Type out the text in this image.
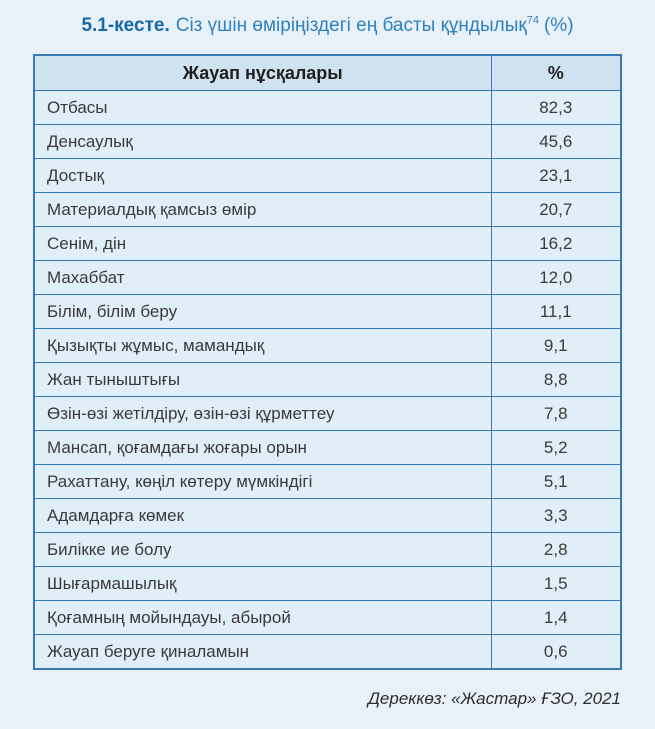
5.1-кесте. Сіз үшін өміріңіздегі ең басты құндылық$^{74}$ (%)
Жауап нұсқалары	%
Отбасы	82,3
Денсаулық	45,6
Достық	23,1
Материалдық қамсыз өмір	20,7
Сенім, дін	16,2
Махаббат	12,0
Білім, білім беру	11,1
Қызықты жұмыс, мамандық	9,1
Жан тыныштығы	8,8
Өзін-өзі жетілдіру, өзін-өзі құрметтеу	7,8
Мансап, қоғамдағы жоғары орын	5,2
Рахаттану, көңіл көтеру мүмкіндігі	5,1
Адамдарға көмек	3,3
Билікке ие болу	2,8
Шығармашылық	1,5
Қоғамның мойындауы, абырой	1,4
Жауап беруге қиналамын	0,6
Дереккөз: «Жастар» ҒЗО, 2021
